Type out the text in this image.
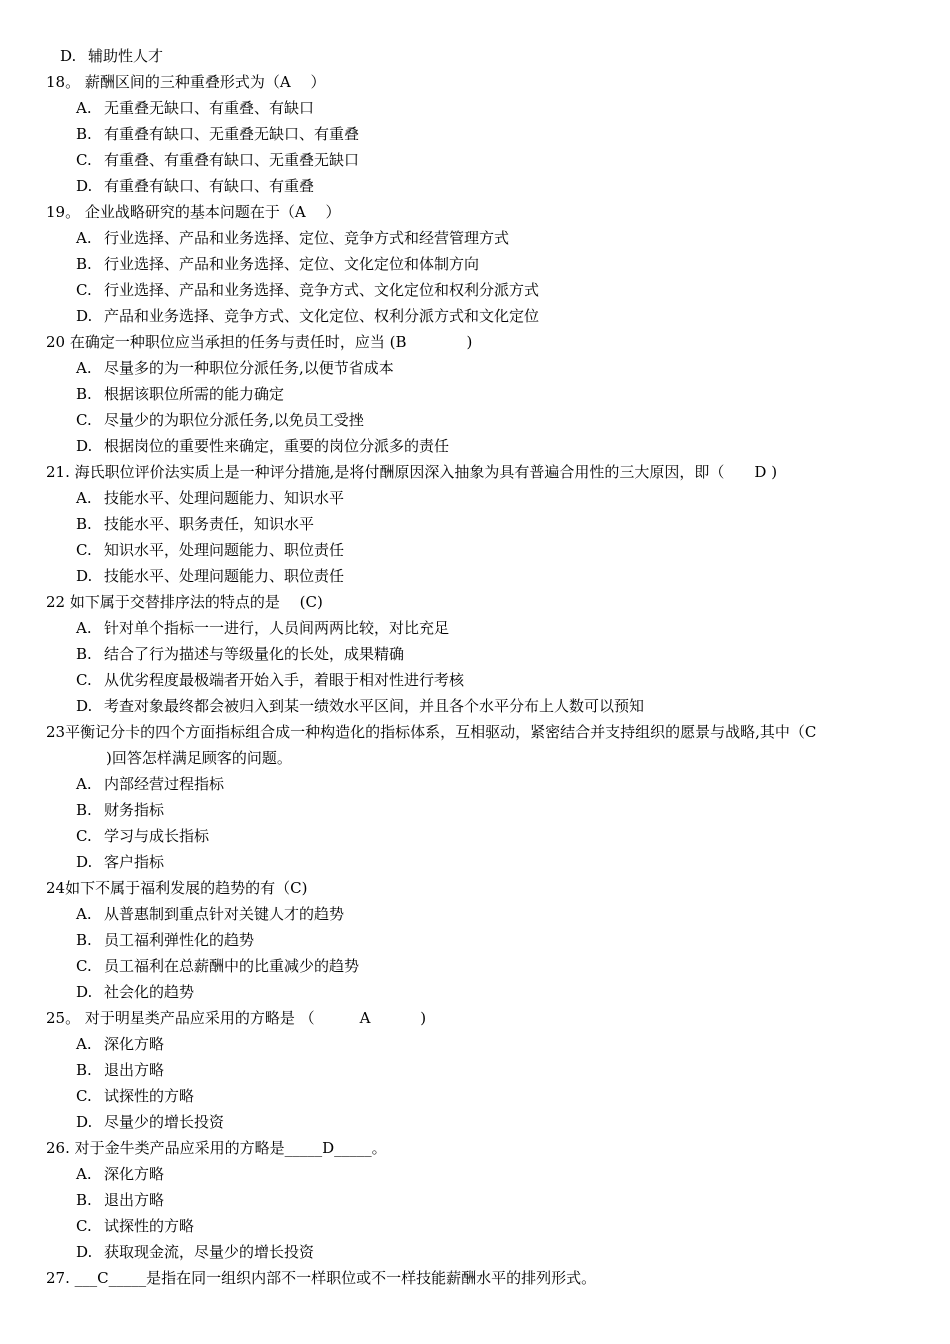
D. 辅助性人才
18。 薪酬区间的三种重叠形式为（A　 ）
A. 无重叠无缺口、有重叠、有缺口
B. 有重叠有缺口、无重叠无缺口、有重叠
C. 有重叠、有重叠有缺口、无重叠无缺口
D. 有重叠有缺口、有缺口、有重叠
19。 企业战略研究的基本问题在于（A　 ）
A. 行业选择、产品和业务选择、定位、竞争方式和经营管理方式
B. 行业选择、产品和业务选择、定位、文化定位和体制方向
C. 行业选择、产品和业务选择、竞争方式、文化定位和权利分派方式
D. 产品和业务选择、竞争方式、文化定位、权利分派方式和文化定位
20 在确定一种职位应当承担的任务与责任时，应当 (B　　　　)
A. 尽量多的为一种职位分派任务,以便节省成本
B. 根据该职位所需的能力确定
C. 尽量少的为职位分派任务,以免员工受挫
D. 根据岗位的重要性来确定，重要的岗位分派多的责任
21. 海氏职位评价法实质上是一种评分措施,是将付酬原因深入抽象为具有普遍合用性的三大原因，即（　　D )
A. 技能水平、处理问题能力、知识水平
B. 技能水平、职务责任，知识水平
C. 知识水平，处理问题能力、职位责任
D. 技能水平、处理问题能力、职位责任
22 如下属于交替排序法的特点的是　 (C)
A. 针对单个指标一一进行，人员间两两比较，对比充足
B. 结合了行为描述与等级量化的长处，成果精确
C. 从优劣程度最极端者开始入手，着眼于相对性进行考核
D. 考查对象最终都会被归入到某一绩效水平区间，并且各个水平分布上人数可以预知
23平衡记分卡的四个方面指标组合成一种构造化的指标体系，互相驱动，紧密结合并支持组织的愿景与战略,其中（C
)回答怎样满足顾客的问题。
A. 内部经营过程指标
B. 财务指标
C. 学习与成长指标
D. 客户指标
24如下不属于福利发展的趋势的有（C)
A. 从普惠制到重点针对关键人才的趋势
B. 员工福利弹性化的趋势
C. 员工福利在总薪酬中的比重减少的趋势
D. 社会化的趋势
25。 对于明星类产品应采用的方略是 （　　　A　　　 )
A. 深化方略
B. 退出方略
C. 试探性的方略
D. 尽量少的增长投资
26. 对于金牛类产品应采用的方略是_____D_____。
A. 深化方略
B. 退出方略
C. 试探性的方略
D. 获取现金流，尽量少的增长投资
27. ___C_____是指在同一组织内部不一样职位或不一样技能薪酬水平的排列形式。
